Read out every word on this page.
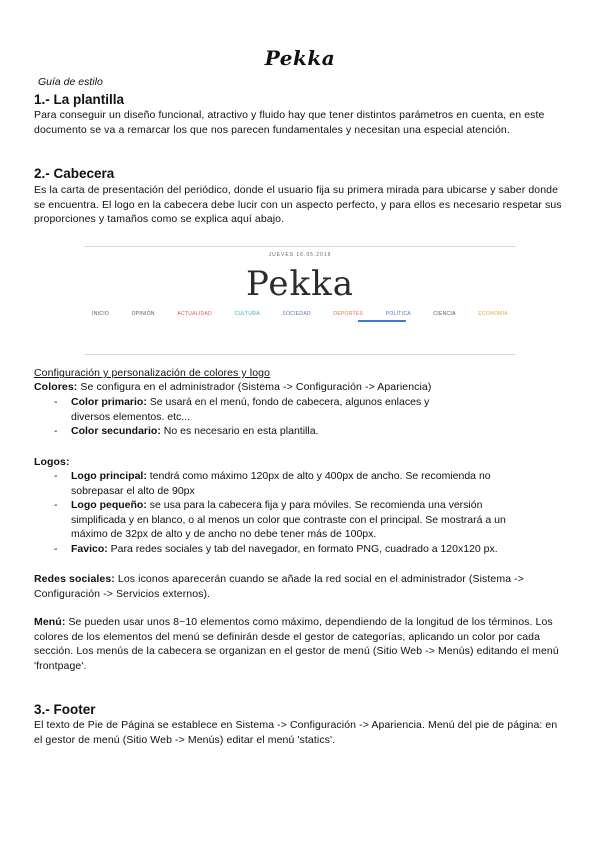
Pekka
Guía de estilo
1.- La plantilla
Para conseguir un diseño funcional, atractivo y fluido hay que tener distintos parámetros en cuenta, en este documento se va a remarcar los que nos parecen fundamentales y necesitan una especial atención.
2.- Cabecera
Es la carta de presentación del periódico, donde el usuario fija su primera mirada para ubicarse y saber donde se encuentra. El logo en la cabecera debe lucir con un aspecto perfecto, y para ellos es necesario respetar sus proporciones y tamaños como se explica aquí abajo.
JUEVES 16.05.2019
Pekka
INICIO	OPINIÓN	ACTUALIDAD	CULTURA	SOCIEDAD	DEPORTES	POLÍTICA	CIENCIA	ECONOMÍA
Configuración y personalización de colores y logo
Colores: Se configura en el administrador (Sistema -> Configuración -> Apariencia)
- Color primario: Se usará en el menú, fondo de cabecera, algunos enlaces y diversos elementos. etc...
- Color secundario: No es necesario en esta plantilla.
Logos:
- Logo principal: tendrá como máximo 120px de alto y 400px de ancho. Se recomienda no sobrepasar el alto de 90px
- Logo pequeño: se usa para la cabecera fija y para móviles. Se recomienda una versión simplificada y en blanco, o al menos un color que contraste con el principal. Se mostrará a un máximo de 32px de alto y de ancho no debe tener más de 100px.
- Favico: Para redes sociales y tab del navegador, en formato PNG, cuadrado a 120x120 px.
Redes sociales: Los iconos aparecerán cuando se añade la red social en el administrador (Sistema -> Configuración -> Servicios externos).
Menú: Se pueden usar unos 8~10 elementos como máximo, dependiendo de la longitud de los términos. Los colores de los elementos del menú se definirán desde el gestor de categorías, aplicando un color por cada sección. Los menús de la cabecera se organizan en el gestor de menú (Sitio Web -> Menús) editando el menú 'frontpage'.
3.- Footer
El texto de Pie de Página se establece en Sistema -> Configuración -> Apariencia. Menú del pie de página: en el gestor de menú (Sitio Web -> Menús) editar el menú 'statics'.
